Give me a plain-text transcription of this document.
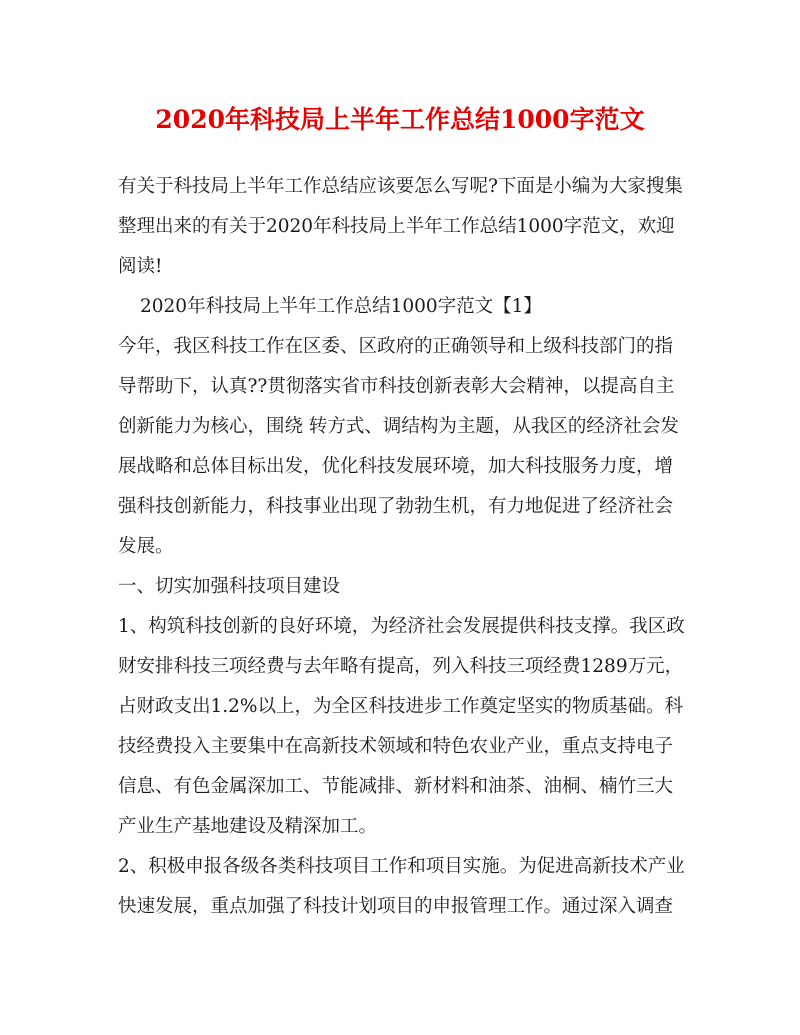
2020年科技局上半年工作总结1000字范文

有关于科技局上半年工作总结应该要怎么写呢?下面是小编为大家搜集
整理出来的有关于2020年科技局上半年工作总结1000字范文，欢迎
阅读!

2020年科技局上半年工作总结1000字范文【1】

今年，我区科技工作在区委、区政府的正确领导和上级科技部门的指
导帮助下，认真??贯彻落实省市科技创新表彰大会精神，以提高自主
创新能力为核心，围绕 转方式、调结构为主题，从我区的经济社会发
展战略和总体目标出发，优化科技发展环境，加大科技服务力度，增
强科技创新能力，科技事业出现了勃勃生机，有力地促进了经济社会
发展。

一、切实加强科技项目建设

1、构筑科技创新的良好环境，为经济社会发展提供科技支撑。我区政
财安排科技三项经费与去年略有提高，列入科技三项经费1289万元，
占财政支出1.2%以上，为全区科技进步工作奠定坚实的物质基础。科
技经费投入主要集中在高新技术领域和特色农业产业，重点支持电子
信息、有色金属深加工、节能减排、新材料和油茶、油桐、楠竹三大
产业生产基地建设及精深加工。

2、积极申报各级各类科技项目工作和项目实施。为促进高新技术产业
快速发展，重点加强了科技计划项目的申报管理工作。通过深入调查
